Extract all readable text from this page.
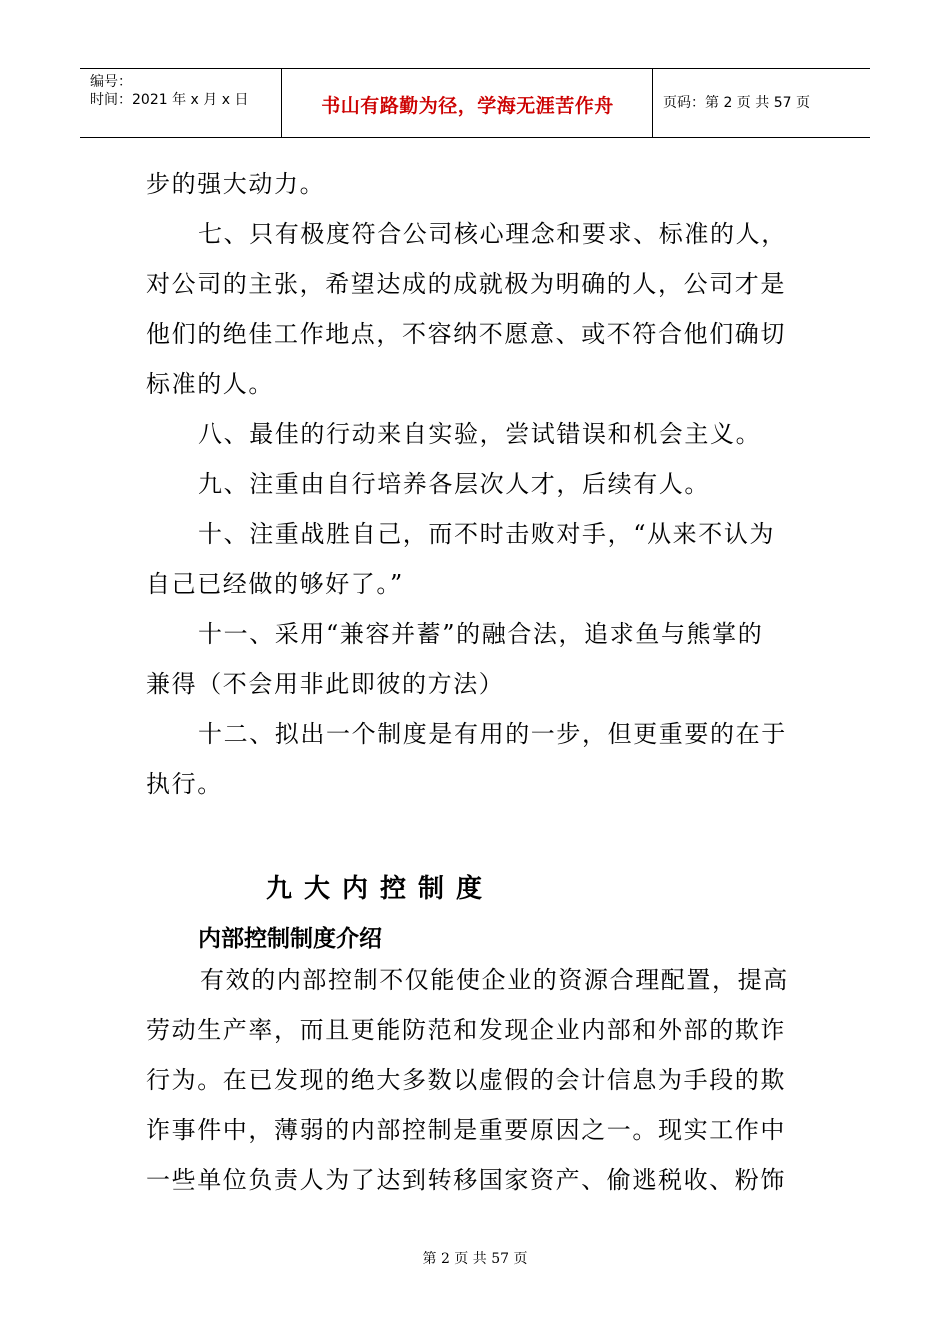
编号：
时间：2021 年 x 月 x 日	书山有路勤为径，学海无涯苦作舟	页码：第 2 页 共 57 页
步的强大动力。
七、只有极度符合公司核心理念和要求、标准的人，
对公司的主张，希望达成的成就极为明确的人，公司才是
他们的绝佳工作地点，不容纳不愿意、或不符合他们确切
标准的人。
八、最佳的行动来自实验，尝试错误和机会主义。
九、注重由自行培养各层次人才，后续有人。
十、注重战胜自己，而不时击败对手，“从来不认为
自己已经做的够好了。”
十一、采用“兼容并蓄”的融合法，追求鱼与熊掌的
兼得（不会用非此即彼的方法）
十二、拟出一个制度是有用的一步，但更重要的在于
执行。
九大内控制度
内部控制制度介绍
有效的内部控制不仅能使企业的资源合理配置，提高
劳动生产率，而且更能防范和发现企业内部和外部的欺诈
行为。在已发现的绝大多数以虚假的会计信息为手段的欺
诈事件中，薄弱的内部控制是重要原因之一。现实工作中
一些单位负责人为了达到转移国家资产、偷逃税收、粉饰
第 2 页 共 57 页
